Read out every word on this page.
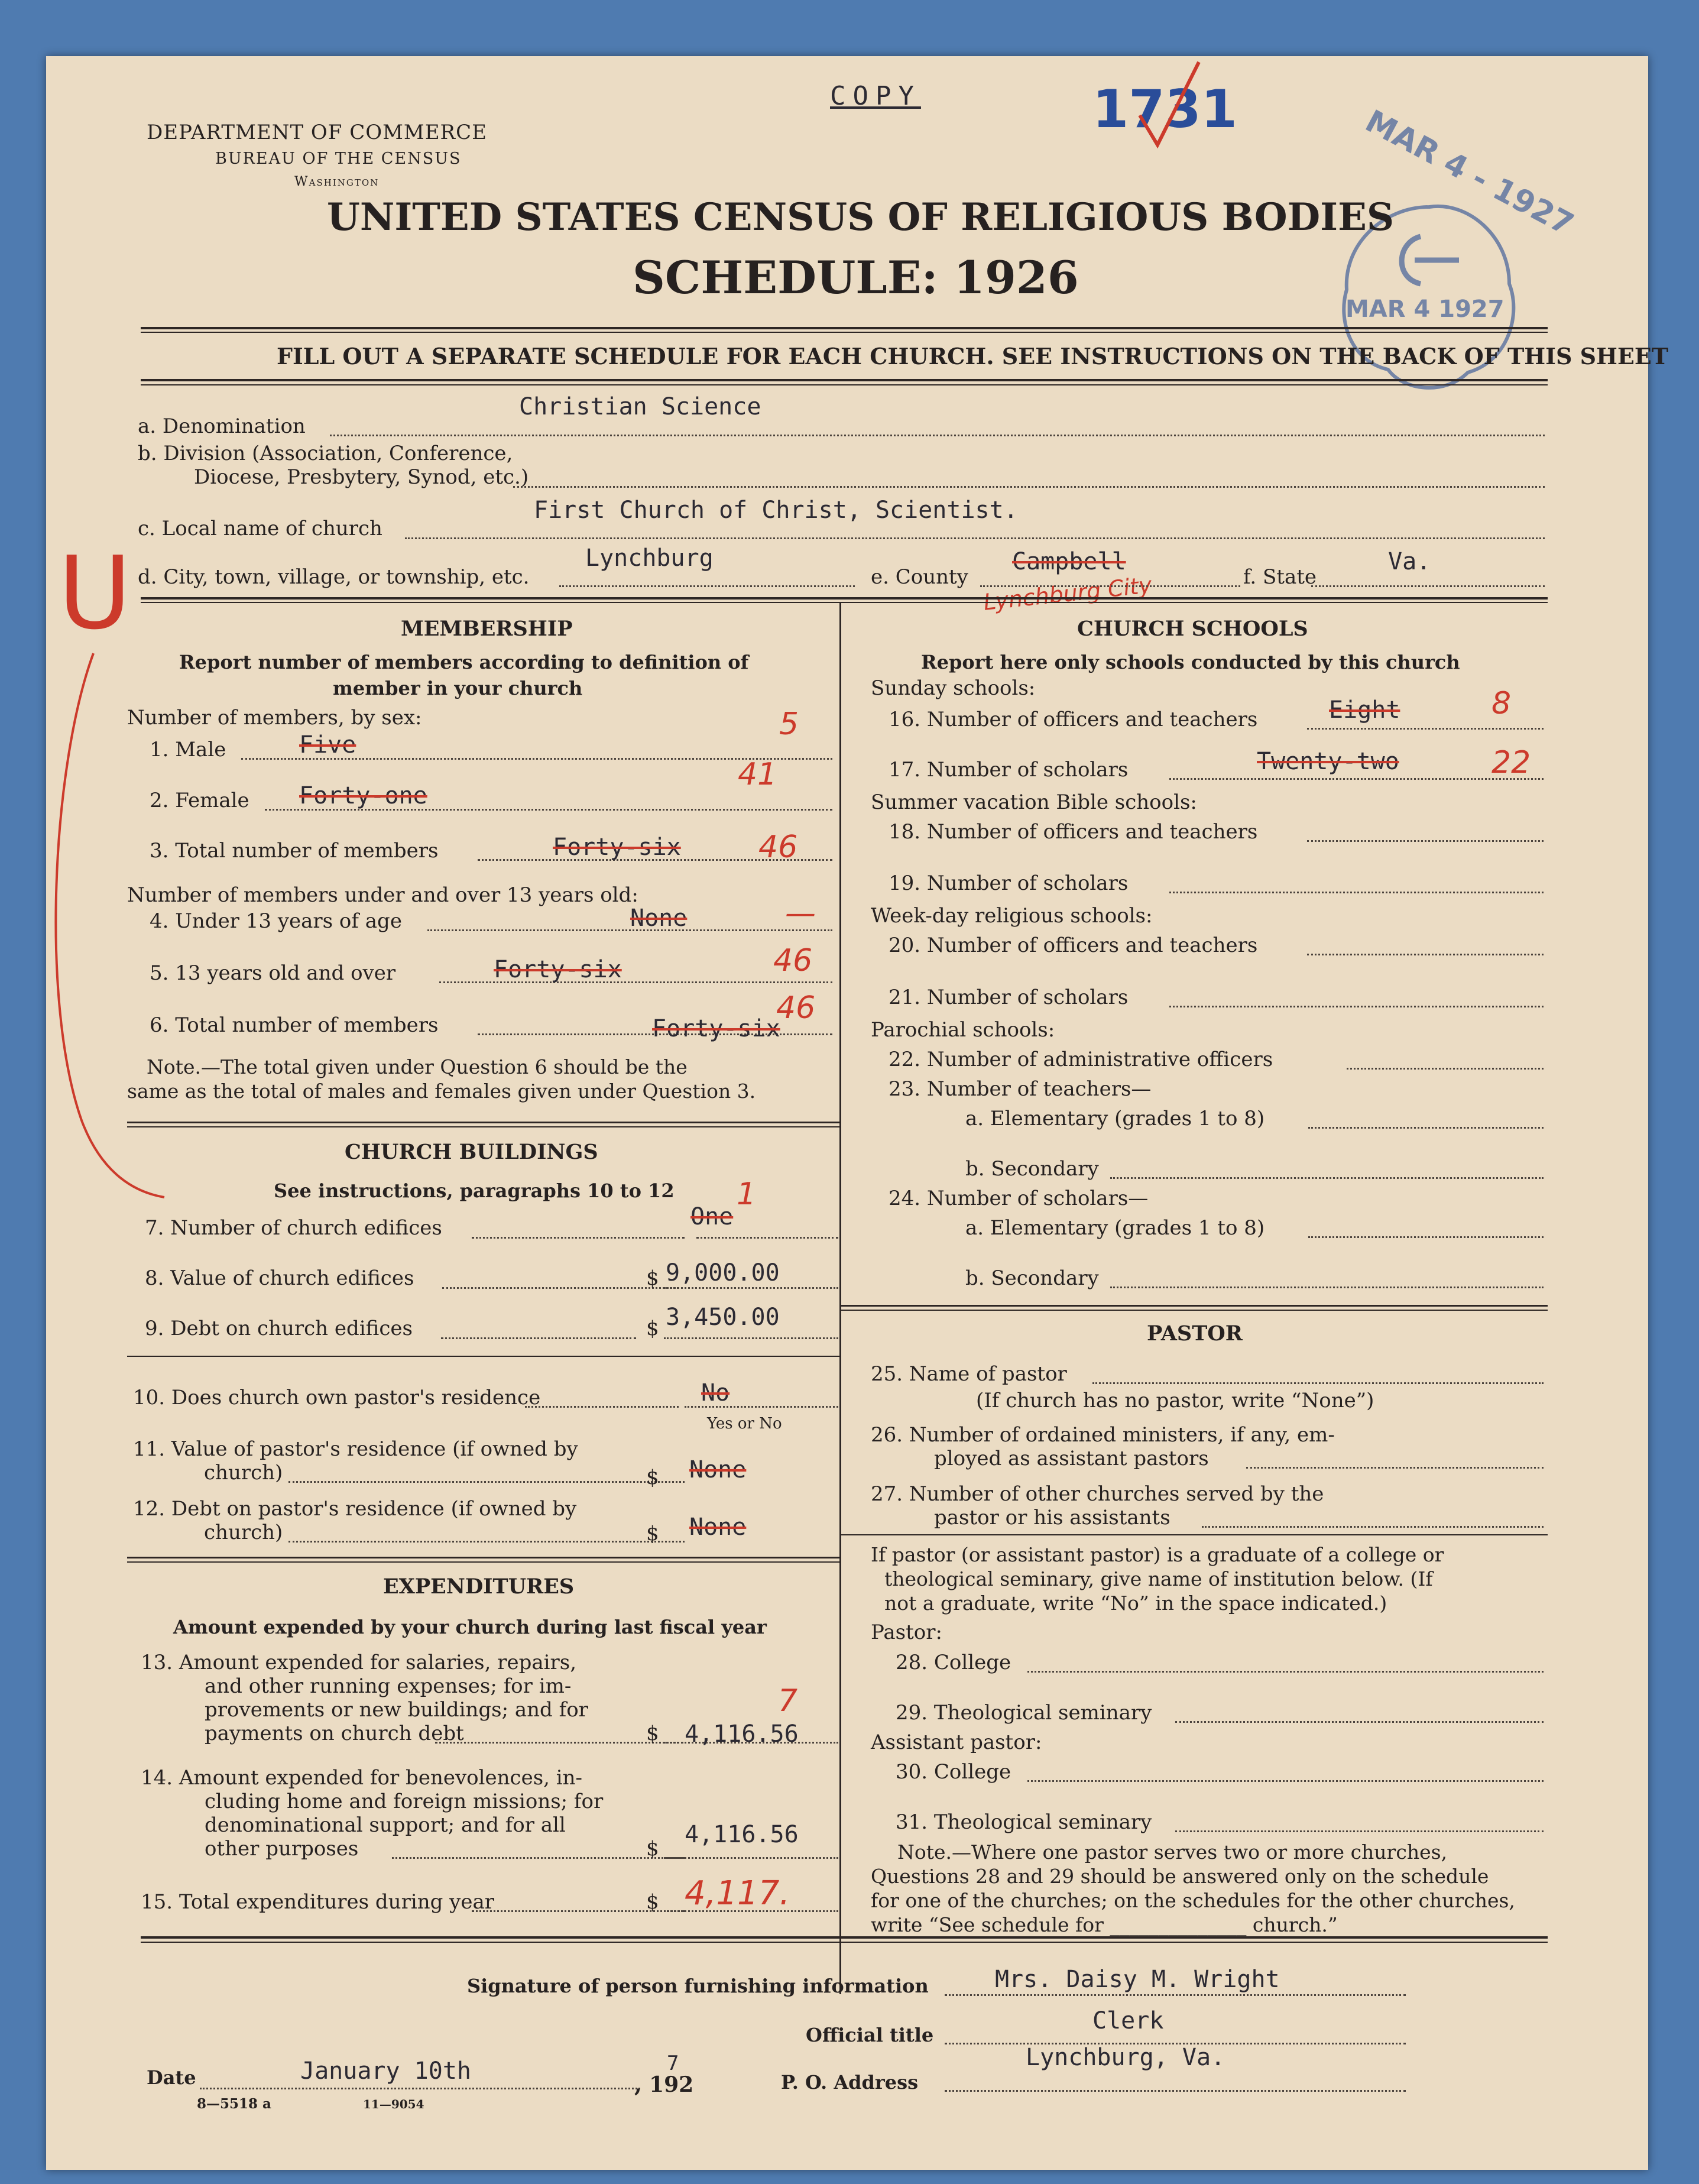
DEPARTMENT OF COMMERCE
BUREAU OF THE CENSUS
Washington
COPY	1731	MAR 4 - 1927
MAR 4 1927
UNITED STATES CENSUS OF RELIGIOUS BODIES
SCHEDULE: 1926
FILL OUT A SEPARATE SCHEDULE FOR EACH CHURCH. SEE INSTRUCTIONS ON THE BACK OF THIS SHEET
a. Denomination
Christian Science
b. Division (Association, Conference,
Diocese, Presbytery, Synod, etc.)
First Church of Christ, Scientist.
c. Local name of church
d. City, town, village, or township, etc.
Lynchburg
e. County
Campbell
Lynchburg City	f. State
Va.
MEMBERSHIP
Report number of members according to definition of
member in your church
Number of members, by sex:
1. Male	Five
5
2. Female Forty-one
41
3. Total number of members	Forty-six	46
Number of members under and over 13 years old:
4. Under 13 years of age	None	—
5. 13 years old and over	Forty-six	46
6. Total number of members	Forty-six
46
Note.—The total given under Question 6 should be the
same as the total of males and females given under Question 3.
CHURCH BUILDINGS
See instructions, paragraphs 10 to 12
7. Number of church edifices	One
1
8. Value of church edifices	$ 9,000.00
9. Debt on church edifices	$ 3,450.00
10. Does church own pastor's residence	No
Yes or No
11. Value of pastor's residence (if owned by
church)	$ None
12. Debt on pastor's residence (if owned by
church)	$ None
EXPENDITURES
Amount expended by your church during last fiscal year
13. Amount expended for salaries, repairs,
and other running expenses; for im-
provements or new buildings; and for
payments on church debt	$ 4,116.56
7
14. Amount expended for benevolences, in-
cluding home and foreign missions; for
denominational support; and for all
other purposes	$
4,116.56
15. Total expenditures during year	$ 4,117.
CHURCH SCHOOLS
Report here only schools conducted by this church
Sunday schools:
16. Number of officers and teachers	Eight	8
17. Number of scholars	Twenty-two	22
Summer vacation Bible schools:
18. Number of officers and teachers
19. Number of scholars
Week-day religious schools:
20. Number of officers and teachers
21. Number of scholars
Parochial schools:
22. Number of administrative officers
23. Number of teachers—
a. Elementary (grades 1 to 8)
b. Secondary
24. Number of scholars—
a. Elementary (grades 1 to 8)
b. Secondary
PASTOR
25. Name of pastor
(If church has no pastor, write “None”)
26. Number of ordained ministers, if any, em-
ployed as assistant pastors
27. Number of other churches served by the
pastor or his assistants
If pastor (or assistant pastor) is a graduate of a college or
theological seminary, give name of institution below. (If
not a graduate, write “No” in the space indicated.)
Pastor:
28. College
29. Theological seminary
Assistant pastor:
30. College
31. Theological seminary
Note.—Where one pastor serves two or more churches,
Questions 28 and 29 should be answered only on the schedule
for one of the churches; on the schedules for the other churches,
write “See schedule for ______________ church.”
Signature of person furnishing information	Mrs. Daisy M. Wright
Official title
Clerk
P. O. Address
Lynchburg, Va.
Date	January 10th	, 192
7
8—5518 a	11—9054
U
